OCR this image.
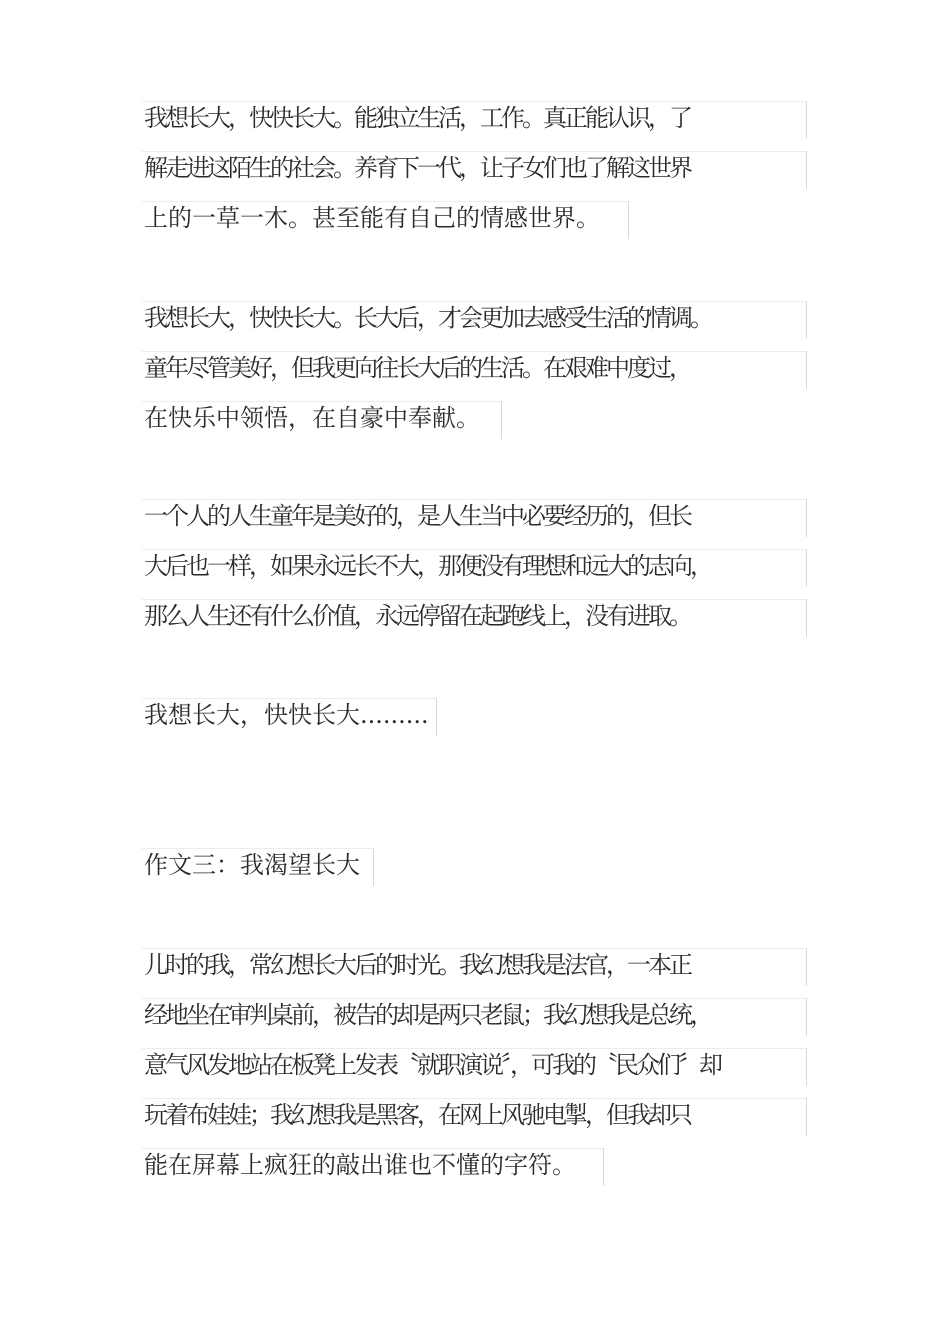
我想长大，快快长大。能独立生活，工作。真正能认识，了
解走进这陌生的社会。养育下一代，让子女们也了解这世界
上的一草一木。甚至能有自己的情感世界。
我想长大，快快长大。长大后，才会更加去感受生活的情调。
童年尽管美好，但我更向往长大后的生活。在艰难中度过，
在快乐中领悟，在自豪中奉献。
一个人的人生童年是美好的，是人生当中必要经历的，但长
大后也一样，如果永远长不大，那便没有理想和远大的志向，
那么人生还有什么价值，永远停留在起跑线上，没有进取。
我想长大，快快长大.........
作文三：我渴望长大
儿时的我，常幻想长大后的时光。我幻想我是法官，一本正
经地坐在审判桌前，被告的却是两只老鼠；我幻想我是总统，
意气风发地站在板凳上发表〝就职演说〞，可我的〝民众们〞却
玩着布娃娃；我幻想我是黑客，在网上风驰电掣，但我却只
能在屏幕上疯狂的敲出谁也不懂的字符。
